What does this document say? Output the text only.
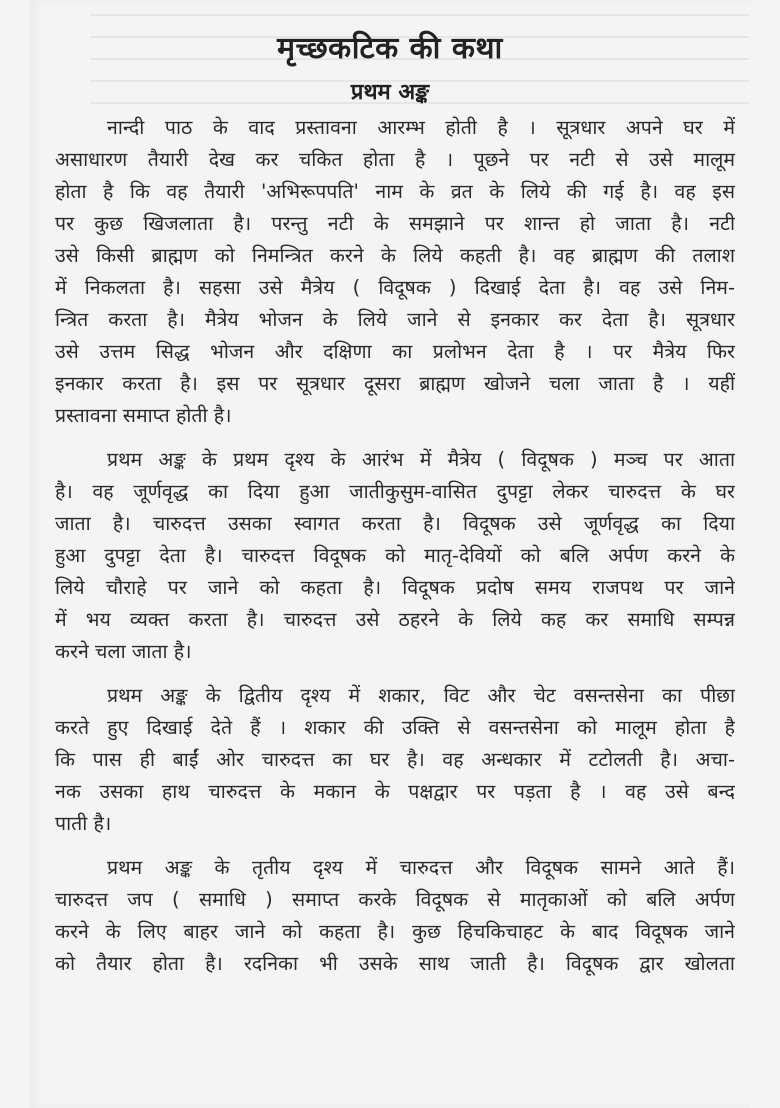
मृच्छकटिक की कथा
प्रथम अङ्क
नान्दी पाठ के वाद प्रस्तावना आरम्भ होती है । सूत्रधार अपने घर में
असाधारण तैयारी देख कर चकित होता है । पूछने पर नटी से उसे मालूम
होता है कि वह तैयारी 'अभिरूपपति' नाम के व्रत के लिये की गई है। वह इस
पर कुछ खिजलाता है। परन्तु नटी के समझाने पर शान्त हो जाता है। नटी
उसे किसी ब्राह्मण को निमन्त्रित करने के लिये कहती है। वह ब्राह्मण की तलाश
में निकलता है। सहसा उसे मैत्रेय ( विदूषक ) दिखाई देता है। वह उसे निम-
न्त्रित करता है। मैत्रेय भोजन के लिये जाने से इनकार कर देता है। सूत्रधार
उसे उत्तम सिद्ध भोजन और दक्षिणा का प्रलोभन देता है । पर मैत्रेय फिर
इनकार करता है। इस पर सूत्रधार दूसरा ब्राह्मण खोजने चला जाता है । यहीं
प्रस्तावना समाप्त होती है।
प्रथम अङ्क के प्रथम दृश्य के आरंभ में मैत्रेय ( विदूषक ) मञ्च पर आता
है। वह जूर्णवृद्ध का दिया हुआ जातीकुसुम-वासित दुपट्टा लेकर चारुदत्त के घर
जाता है। चारुदत्त उसका स्वागत करता है। विदूषक उसे जूर्णवृद्ध का दिया
हुआ दुपट्टा देता है। चारुदत्त विदूषक को मातृ-देवियों को बलि अर्पण करने के
लिये चौराहे पर जाने को कहता है। विदूषक प्रदोष समय राजपथ पर जाने
में भय व्यक्त करता है। चारुदत्त उसे ठहरने के लिये कह कर समाधि सम्पन्न
करने चला जाता है।
प्रथम अङ्क के द्वितीय दृश्य में शकार, विट और चेट वसन्तसेना का पीछा
करते हुए दिखाई देते हैं । शकार की उक्ति से वसन्तसेना को मालूम होता है
कि पास ही बाईं ओर चारुदत्त का घर है। वह अन्धकार में टटोलती है। अचा-
नक उसका हाथ चारुदत्त के मकान के पक्षद्वार पर पड़ता है । वह उसे बन्द
पाती है।
प्रथम अङ्क के तृतीय दृश्य में चारुदत्त और विदूषक सामने आते हैं।
चारुदत्त जप ( समाधि ) समाप्त करके विदूषक से मातृकाओं को बलि अर्पण
करने के लिए बाहर जाने को कहता है। कुछ हिचकिचाहट के बाद विदूषक जाने
को तैयार होता है। रदनिका भी उसके साथ जाती है। विदूषक द्वार खोलता
